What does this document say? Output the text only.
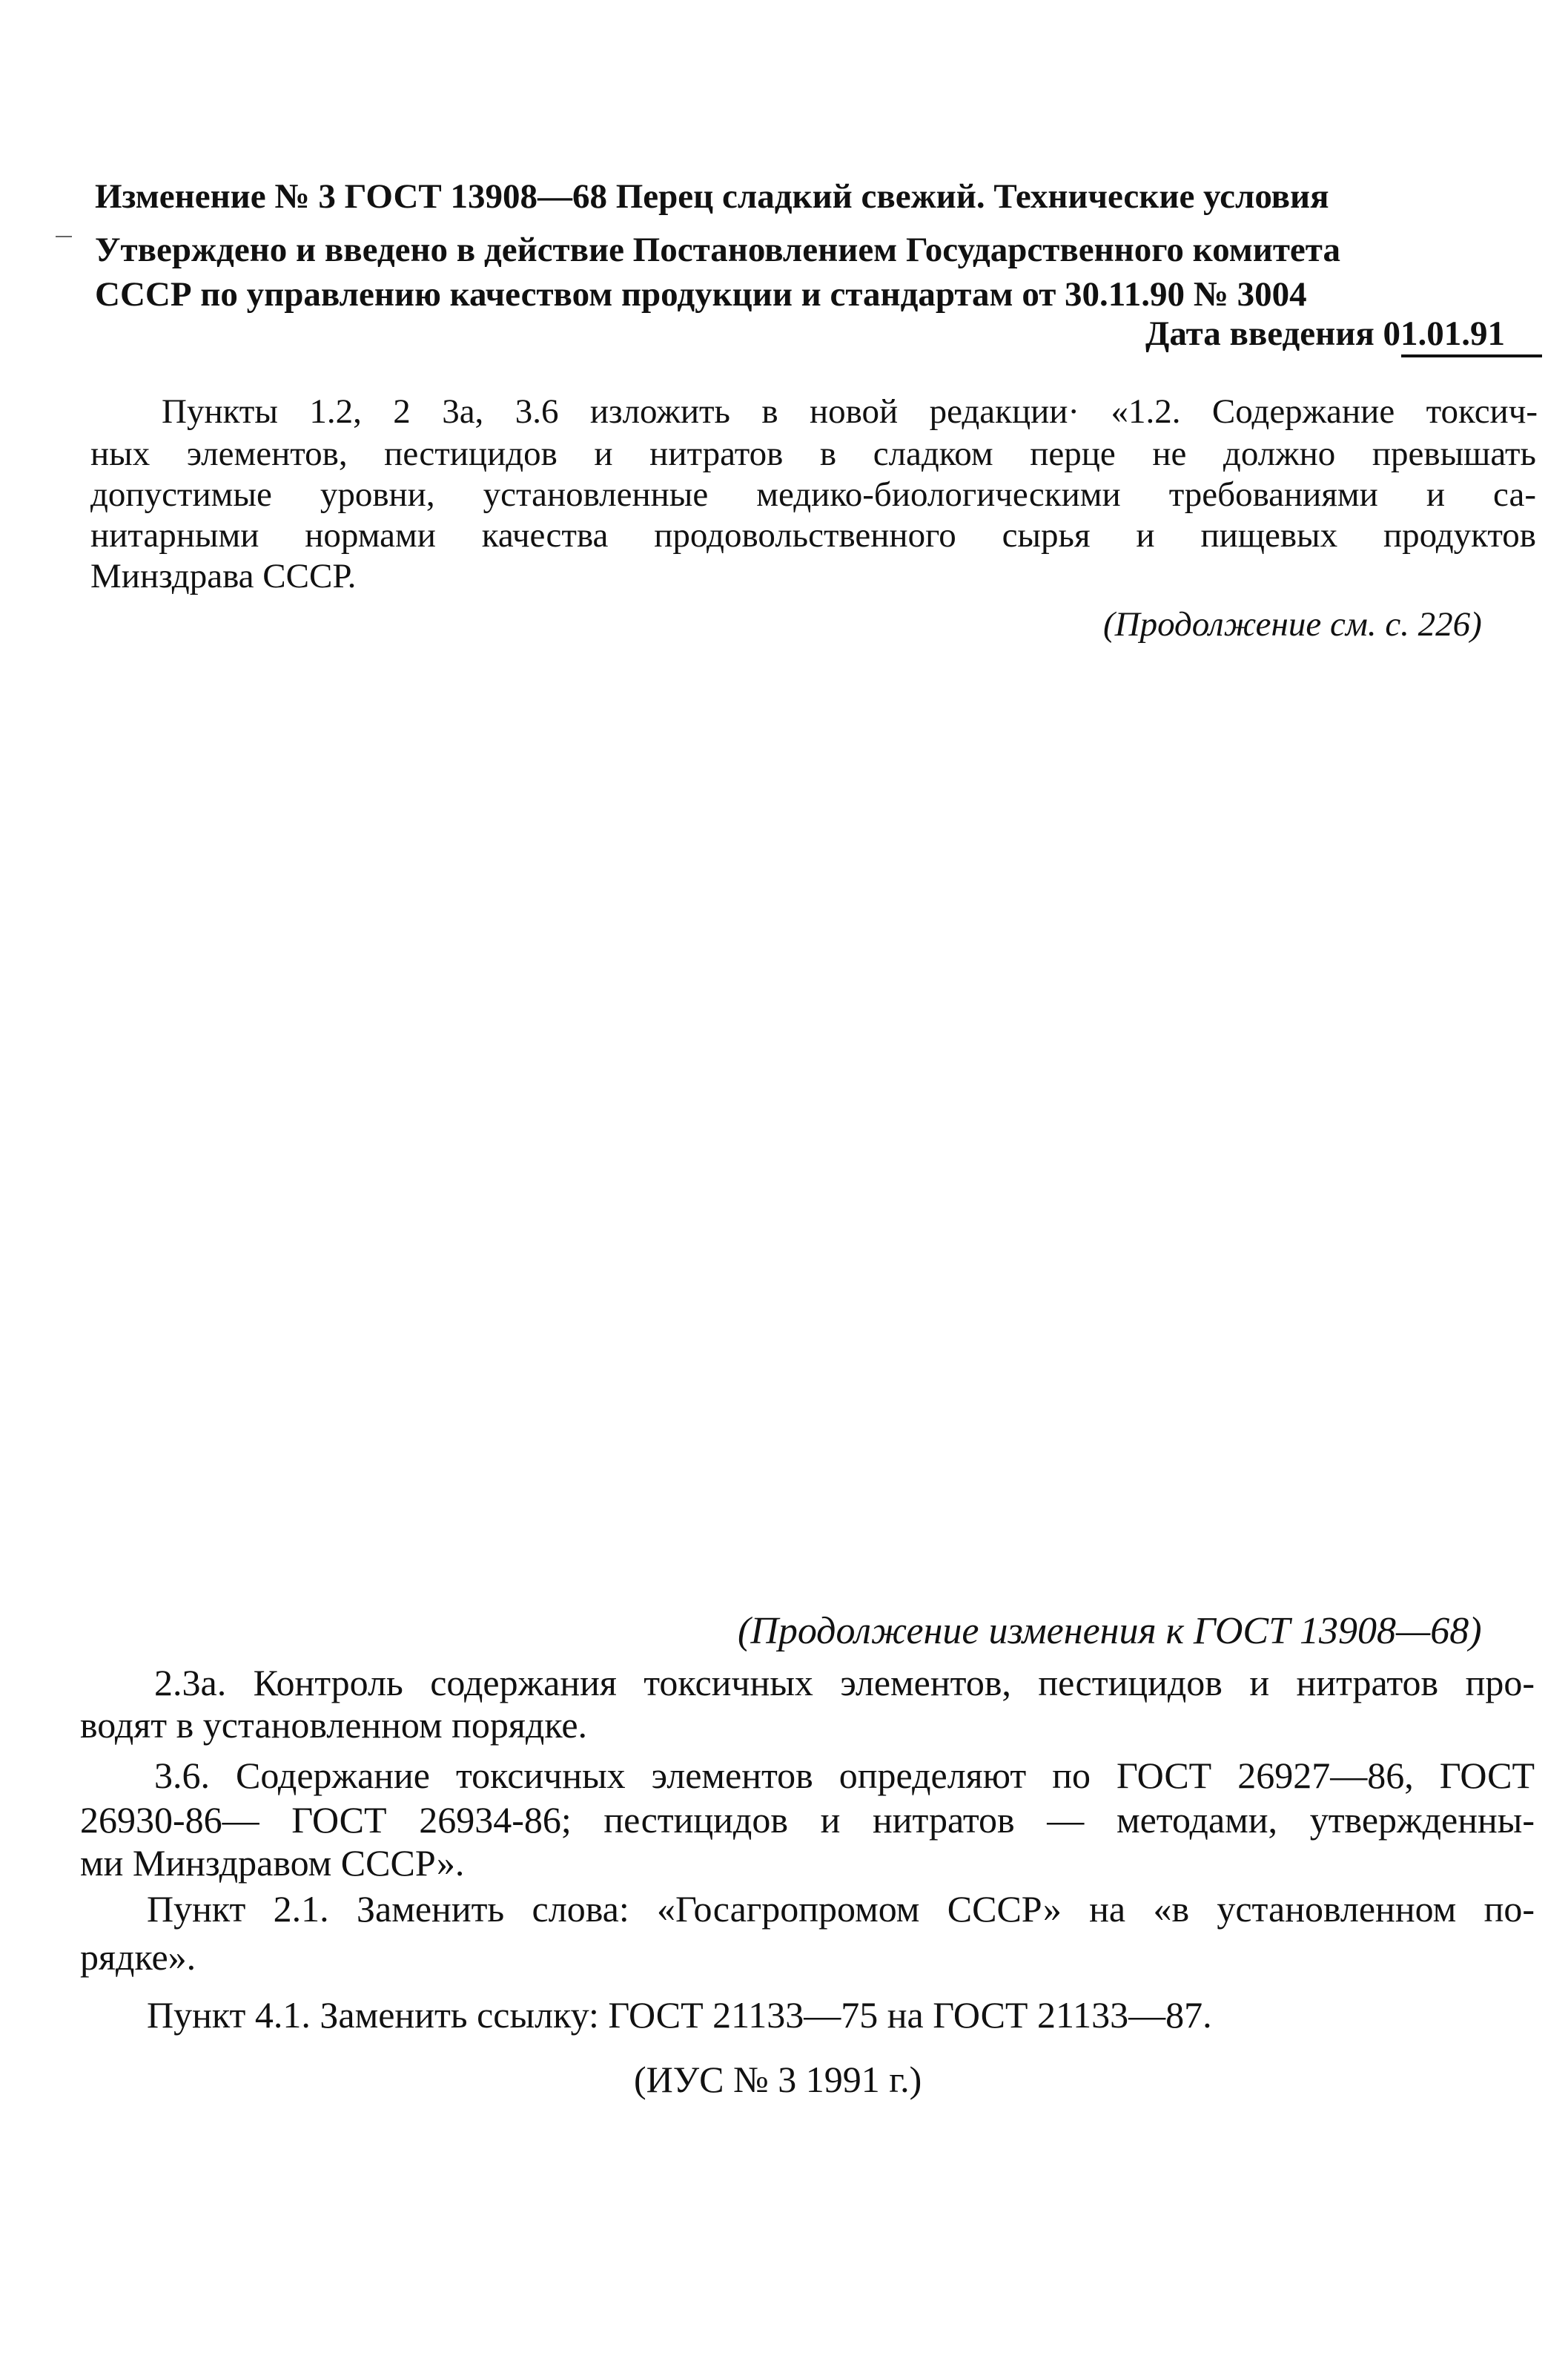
Изменение № 3 ГОСТ 13908—68 Перец сладкий свежий. Технические условия

Утверждено и введено в действие Постановлением Государственного комитета

СССР по управлению качеством продукции и стандартам от 30.11.90 № 3004

Дата введения 01.01.91

Пункты 1.2, 2 3а, 3.6 изложить в новой редакции· «1.2. Содержание токсич-

ных элементов, пестицидов и нитратов в сладком перце не должно превышать

допустимые уровни, установленные медико-биологическими требованиями и са-

нитарными нормами качества продовольственного сырья и пищевых продуктов

Минздрава СССР.

(Продолжение см. с. 226)

(Продолжение изменения к ГОСТ 13908—68)

2.3а. Контроль содержания токсичных элементов, пестицидов и нитратов про-

водят в установленном порядке.

3.6. Содержание токсичных элементов определяют по ГОСТ 26927—86, ГОСТ

26930-86— ГОСТ 26934-86; пестицидов и нитратов — методами, утвержденны-

ми Минздравом СССР».

Пункт 2.1. Заменить слова: «Госагропромом СССР» на «в установленном по-

рядке».

Пункт 4.1. Заменить ссылку: ГОСТ 21133—75 на ГОСТ 21133—87.

(ИУС № 3 1991 г.)
